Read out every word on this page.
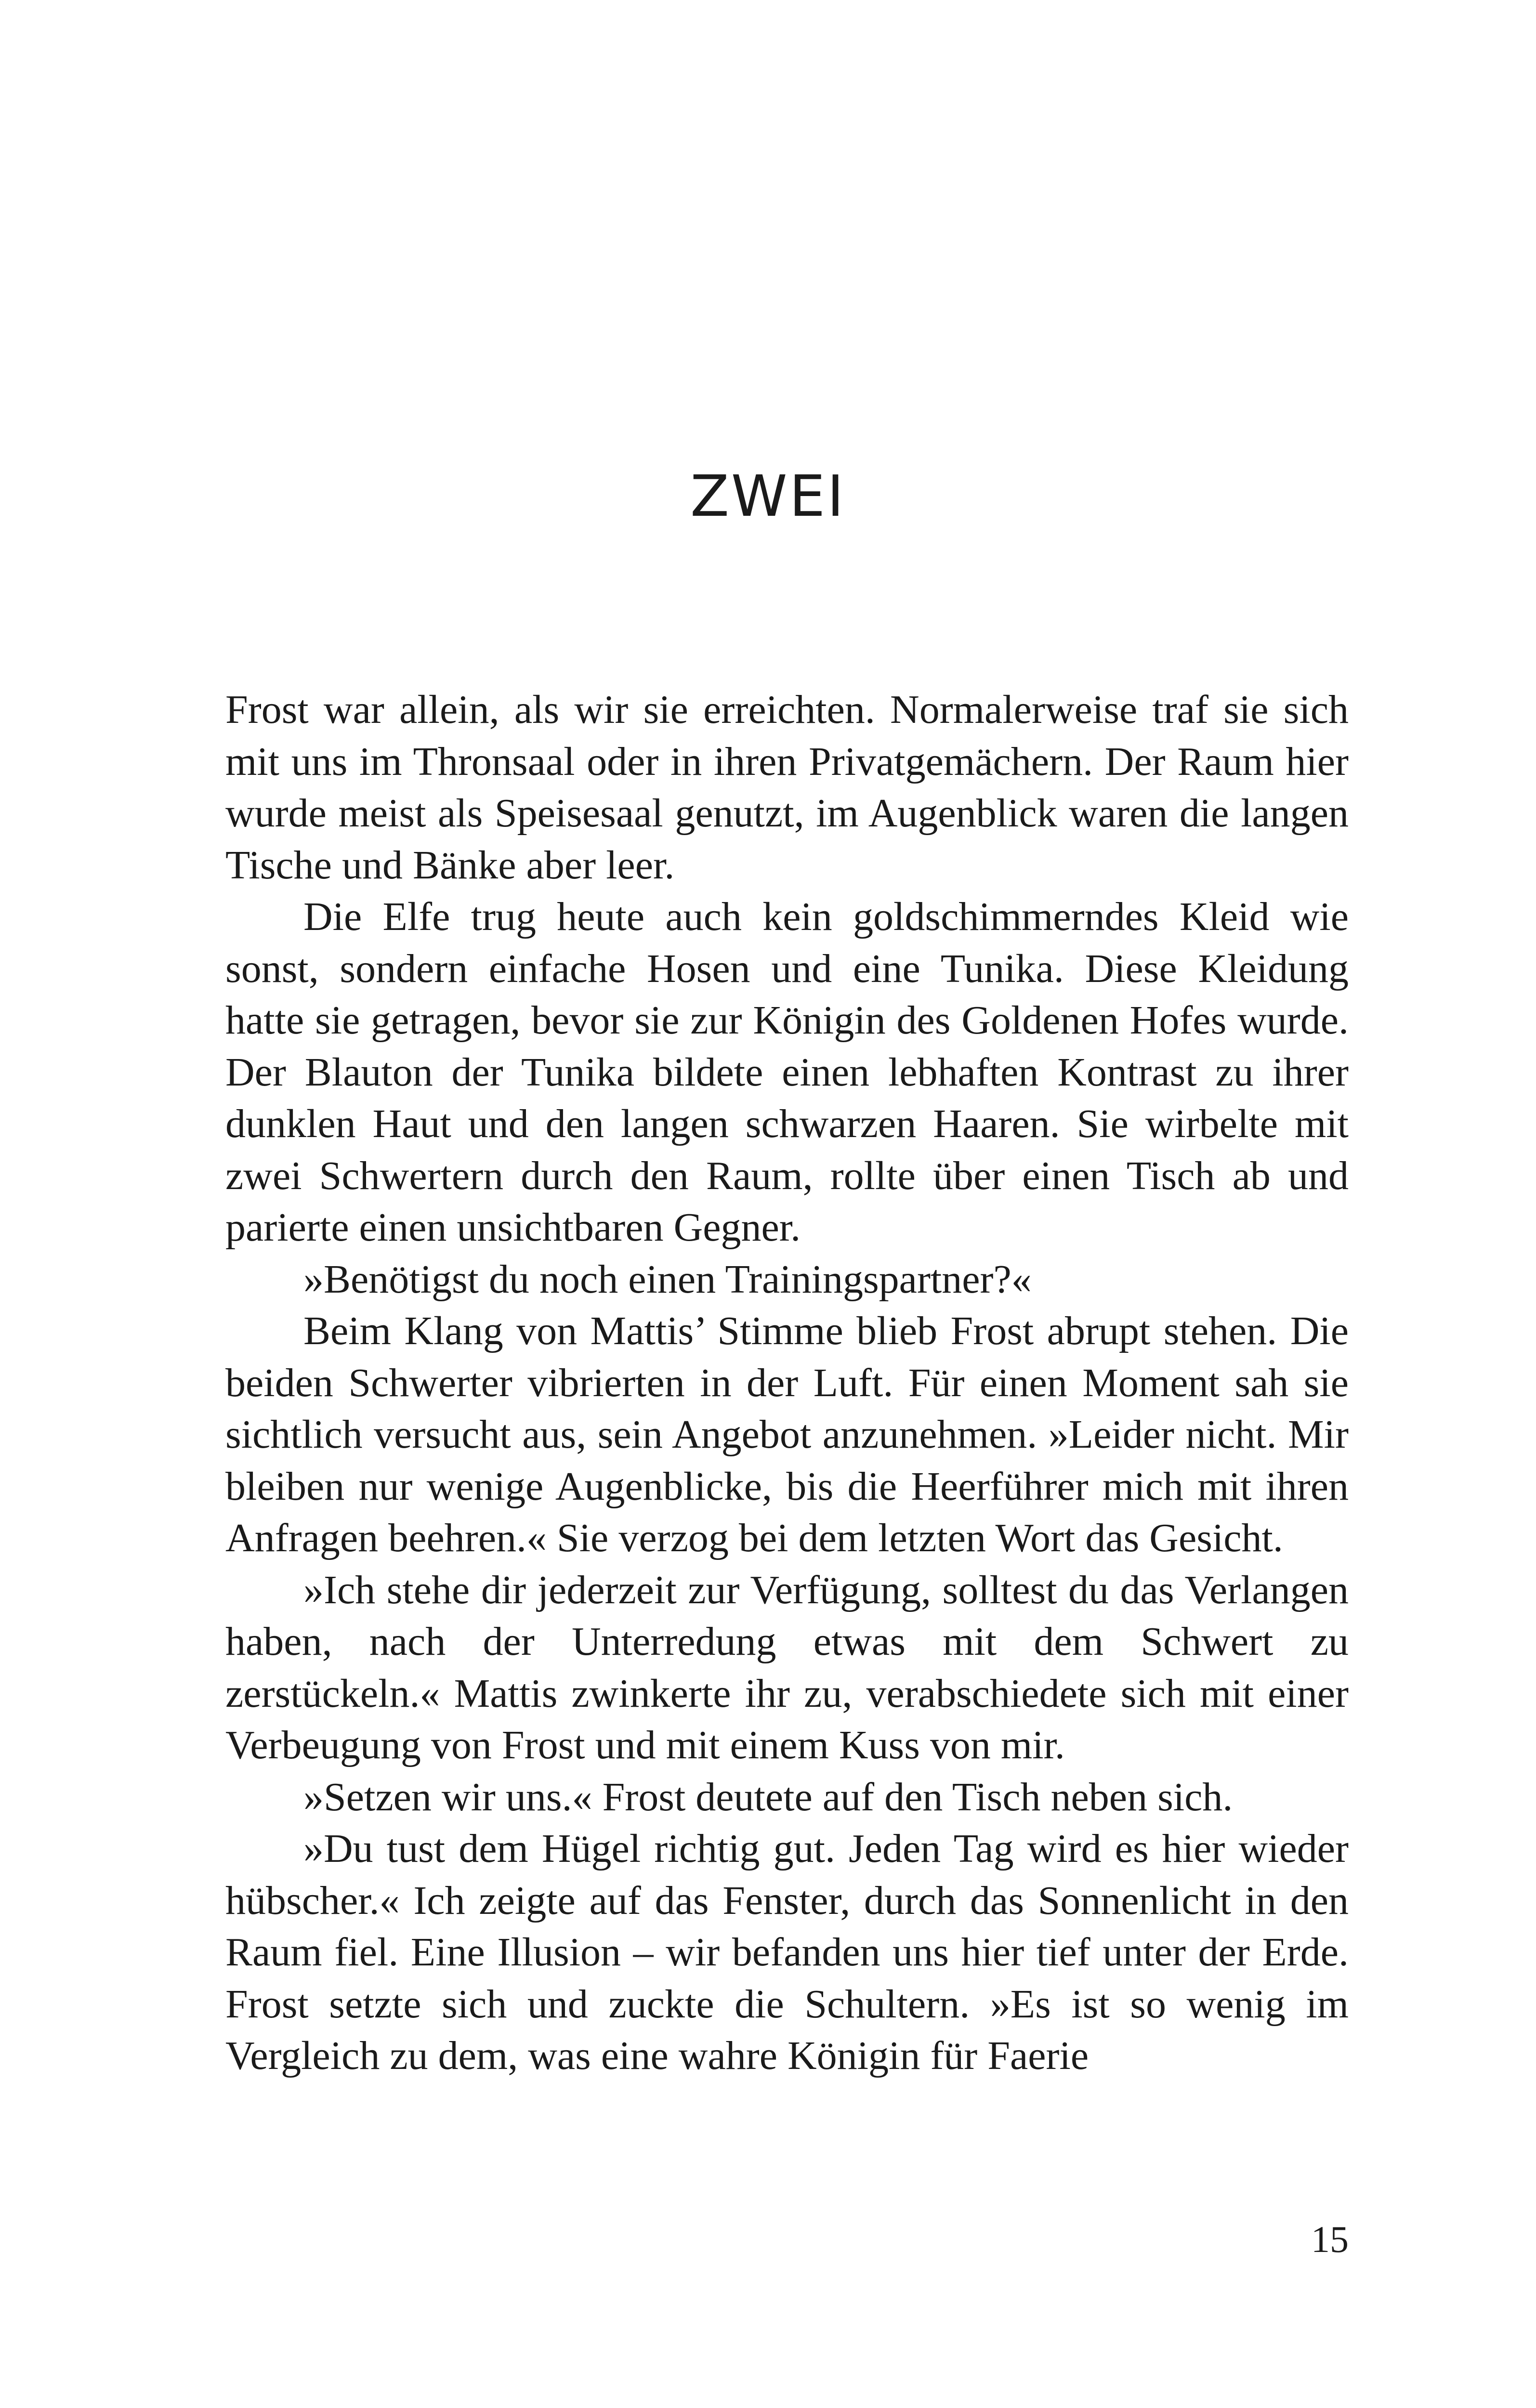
ZWEI

Frost war allein, als wir sie erreichten. Normalerweise traf sie sich mit uns im Thronsaal oder in ihren Privatgemächern. Der Raum hier wurde meist als Speisesaal genutzt, im Augenblick waren die langen Tische und Bänke aber leer.

Die Elfe trug heute auch kein goldschimmerndes Kleid wie sonst, sondern einfache Hosen und eine Tunika. Diese Kleidung hatte sie getragen, bevor sie zur Königin des Goldenen Hofes wurde. Der Blauton der Tunika bildete einen lebhaften Kontrast zu ihrer dunklen Haut und den langen schwarzen Haaren. Sie wirbelte mit zwei Schwertern durch den Raum, rollte über einen Tisch ab und parierte einen unsichtbaren Gegner.

»Benötigst du noch einen Trainingspartner?«

Beim Klang von Mattis’ Stimme blieb Frost abrupt stehen. Die beiden Schwerter vibrierten in der Luft. Für einen Moment sah sie sichtlich versucht aus, sein Angebot anzunehmen. »Leider nicht. Mir bleiben nur wenige Augenblicke, bis die Heerführer mich mit ihren Anfragen beehren.« Sie verzog bei dem letzten Wort das Gesicht.

»Ich stehe dir jederzeit zur Verfügung, solltest du das Verlangen haben, nach der Unterredung etwas mit dem Schwert zu zerstückeln.« Mattis zwinkerte ihr zu, verabschiedete sich mit einer Verbeugung von Frost und mit einem Kuss von mir.

»Setzen wir uns.« Frost deutete auf den Tisch neben sich.

»Du tust dem Hügel richtig gut. Jeden Tag wird es hier wieder hübscher.« Ich zeigte auf das Fenster, durch das Sonnenlicht in den Raum fiel. Eine Illusion – wir befanden uns hier tief unter der Erde. Frost setzte sich und zuckte die Schultern. »Es ist so wenig im Vergleich zu dem, was eine wahre Königin für Faerie

15
